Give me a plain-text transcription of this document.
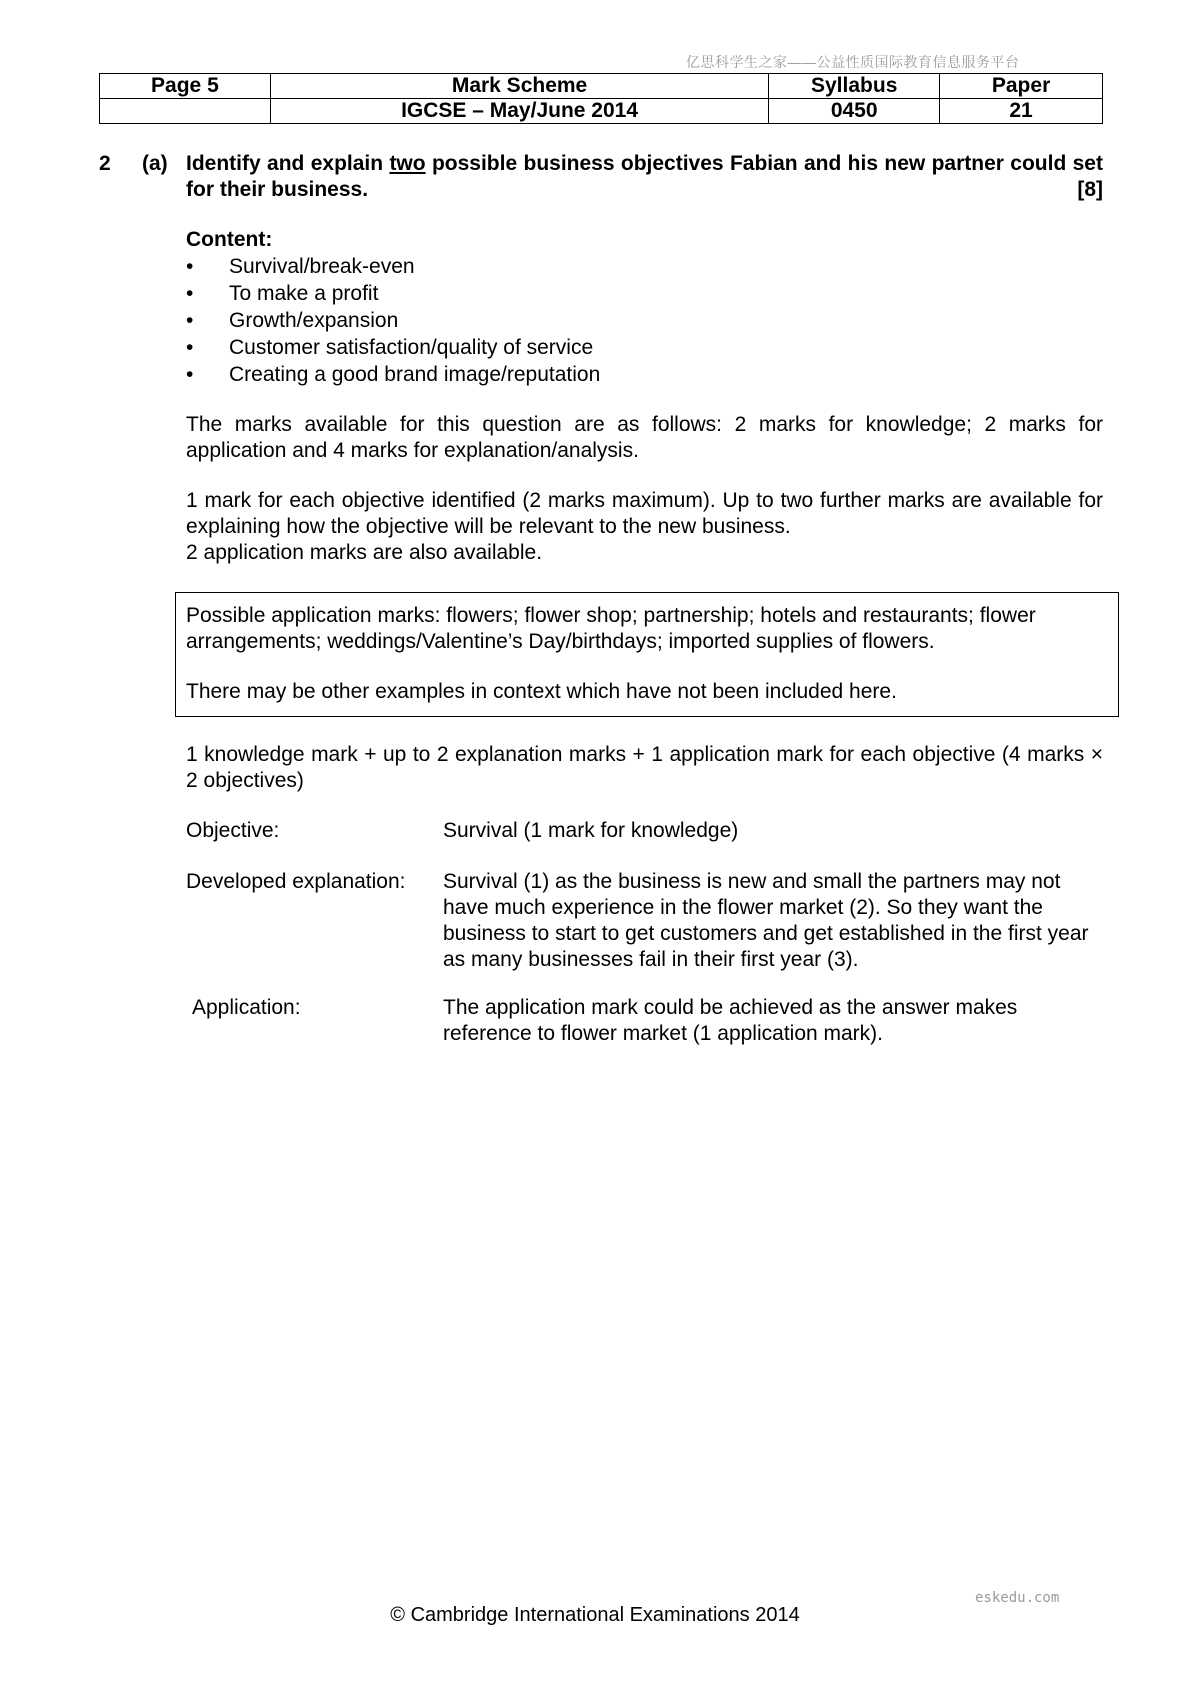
亿思科学生之家——公益性质国际教育信息服务平台
Page 5	Mark Scheme	Syllabus	Paper
	IGCSE – May/June 2014	0450	21
2 (a) Identify and explain two possible business objectives Fabian and his new partner could set for their business.	[8]
Content:
• Survival/break-even
• To make a profit
• Growth/expansion
• Customer satisfaction/quality of service
• Creating a good brand image/reputation
The marks available for this question are as follows: 2 marks for knowledge; 2 marks for application and 4 marks for explanation/analysis.
1 mark for each objective identified (2 marks maximum). Up to two further marks are available for explaining how the objective will be relevant to the new business.
2 application marks are also available.
Possible application marks: flowers; flower shop; partnership; hotels and restaurants; flower arrangements; weddings/Valentine’s Day/birthdays; imported supplies of flowers.
There may be other examples in context which have not been included here.
1 knowledge mark + up to 2 explanation marks + 1 application mark for each objective (4 marks × 2 objectives)
Objective:	Survival (1 mark for knowledge)
Developed explanation: Survival (1) as the business is new and small the partners may not have much experience in the flower market (2). So they want the business to start to get customers and get established in the first year as many businesses fail in their first year (3).
Application:	The application mark could be achieved as the answer makes reference to flower market (1 application mark).
eskedu.com
© Cambridge International Examinations 2014
